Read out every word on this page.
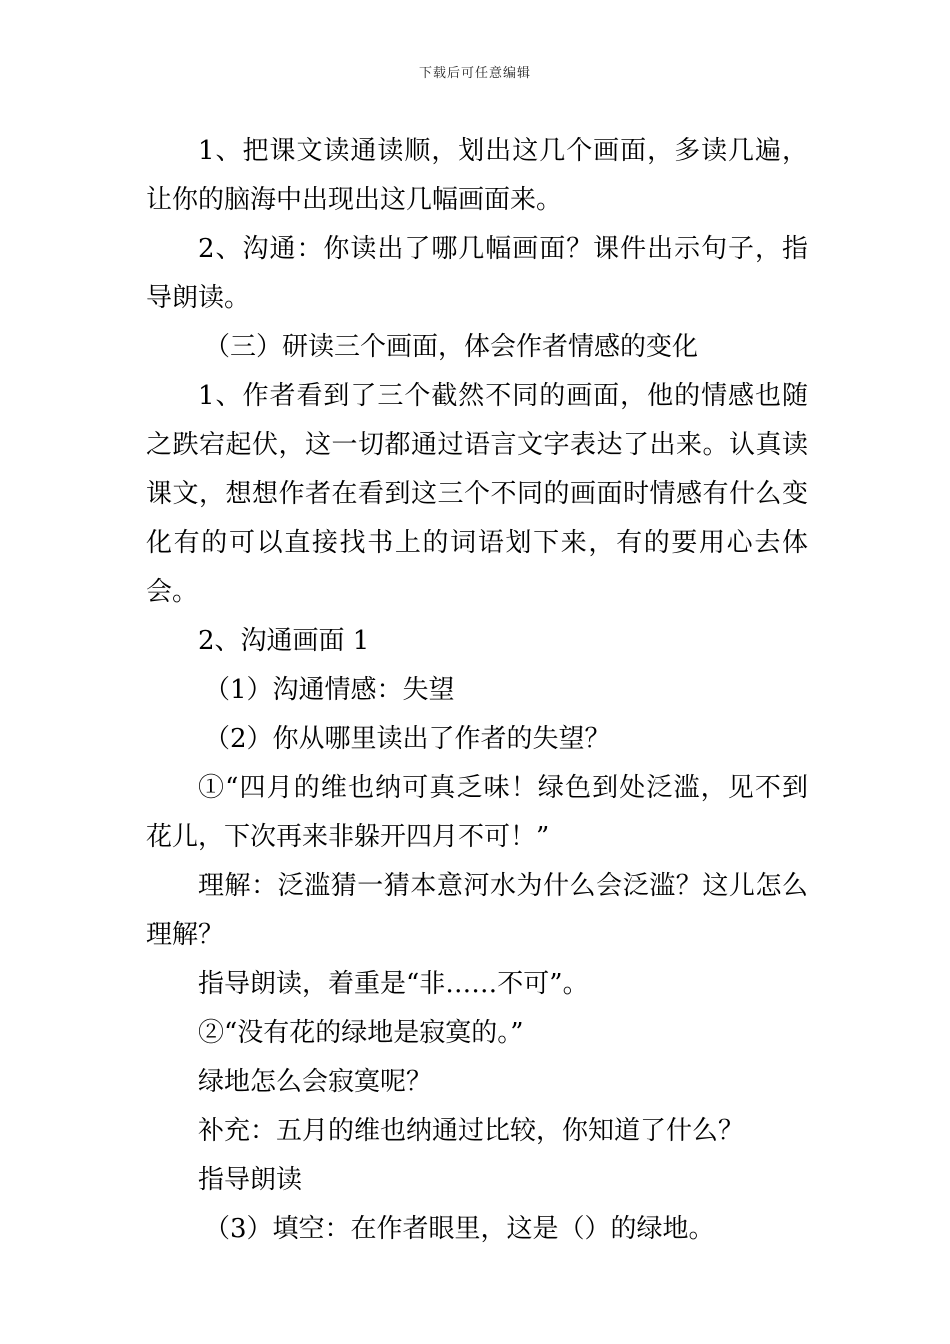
下载后可任意编辑

1、把课文读通读顺，划出这几个画面，多读几遍，让你的脑海中出现出这几幅画面来。

2、沟通：你读出了哪几幅画面？课件出示句子，指导朗读。

（三）研读三个画面，体会作者情感的变化

1、作者看到了三个截然不同的画面，他的情感也随之跌宕起伏，这一切都通过语言文字表达了出来。认真读课文，想想作者在看到这三个不同的画面时情感有什么变化有的可以直接找书上的词语划下来，有的要用心去体会。

2、沟通画面 1

（1）沟通情感：失望

（2）你从哪里读出了作者的失望？

①“四月的维也纳可真乏味！绿色到处泛滥，见不到花儿，下次再来非躲开四月不可！”

理解：泛滥猜一猜本意河水为什么会泛滥？这儿怎么理解？

指导朗读，着重是“非……不可”。

②“没有花的绿地是寂寞的。”

绿地怎么会寂寞呢？

补充：五月的维也纳通过比较，你知道了什么？

指导朗读

（3）填空：在作者眼里，这是（）的绿地。
